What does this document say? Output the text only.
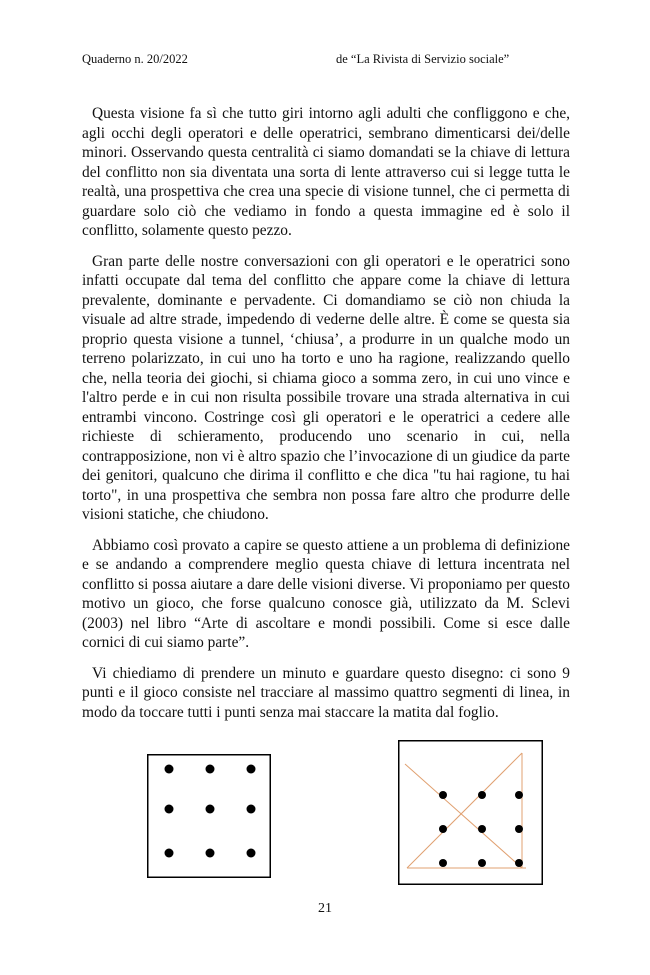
Quaderno n. 20/2022	de “La Rivista di Servizio sociale”

Questa visione fa sì che tutto giri intorno agli adulti che confliggono e che, agli occhi degli operatori e delle operatrici, sembrano dimenticarsi dei/delle minori. Osservando questa centralità ci siamo domandati se la chiave di lettura del conflitto non sia diventata una sorta di lente attraverso cui si legge tutta le realtà, una prospettiva che crea una specie di visione tunnel, che ci permetta di guardare solo ciò che vediamo in fondo a questa immagine ed è solo il conflitto, solamente questo pezzo.

Gran parte delle nostre conversazioni con gli operatori e le operatrici sono infatti occupate dal tema del conflitto che appare come la chiave di lettura prevalente, dominante e pervadente. Ci domandiamo se ciò non chiuda la visuale ad altre strade, impedendo di vederne delle altre. È come se questa sia proprio questa visione a tunnel, ‘chiusa’, a produrre in un qualche modo un terreno polarizzato, in cui uno ha torto e uno ha ragione, realizzando quello che, nella teoria dei giochi, si chiama gioco a somma zero, in cui uno vince e l'altro perde e in cui non risulta possibile trovare una strada alternativa in cui entrambi vincono. Costringe così gli operatori e le operatrici a cedere alle richieste di schieramento, producendo uno scenario in cui, nella contrapposizione, non vi è altro spazio che l’invocazione di un giudice da parte dei genitori, qualcuno che dirima il conflitto e che dica "tu hai ragione, tu hai torto", in una prospettiva che sembra non possa fare altro che produrre delle visioni statiche, che chiudono.

Abbiamo così provato a capire se questo attiene a un problema di definizione e se andando a comprendere meglio questa chiave di lettura incentrata nel conflitto si possa aiutare a dare delle visioni diverse. Vi proponiamo per questo motivo un gioco, che forse qualcuno conosce già, utilizzato da M. Sclevi (2003) nel libro “Arte di ascoltare e mondi possibili. Come si esce dalle cornici di cui siamo parte”.

Vi chiediamo di prendere un minuto e guardare questo disegno: ci sono 9 punti e il gioco consiste nel tracciare al massimo quattro segmenti di linea, in modo da toccare tutti i punti senza mai staccare la matita dal foglio.

21
